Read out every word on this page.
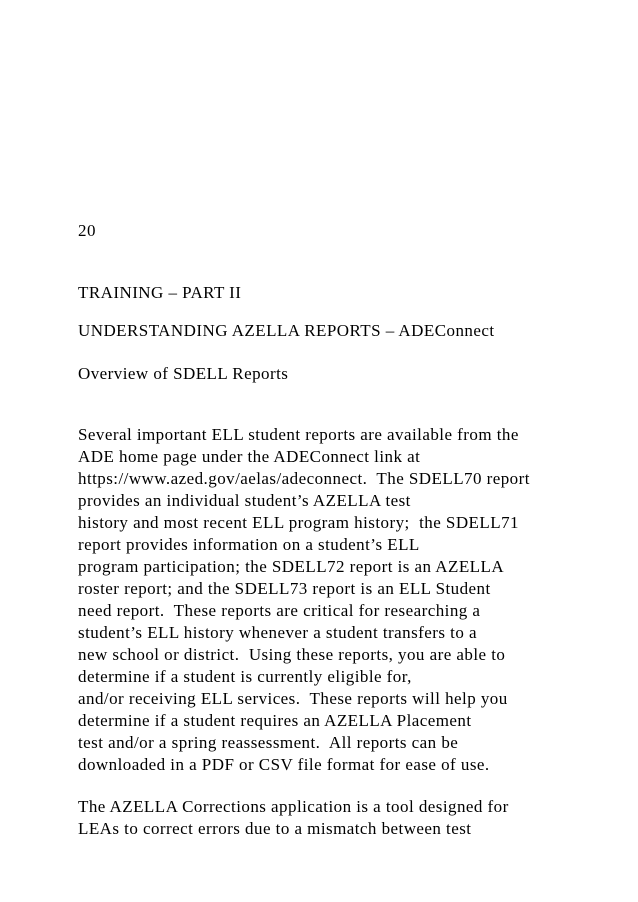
20
TRAINING – PART II
UNDERSTANDING AZELLA REPORTS – ADEConnect
Overview of SDELL Reports
Several important ELL student reports are available from the
ADE home page under the ADEConnect link at
https://www.azed.gov/aelas/adeconnect.  The SDELL70 report
provides an individual student’s AZELLA test
history and most recent ELL program history;  the SDELL71
report provides information on a student’s ELL
program participation; the SDELL72 report is an AZELLA
roster report; and the SDELL73 report is an ELL Student
need report.  These reports are critical for researching a
student’s ELL history whenever a student transfers to a
new school or district.  Using these reports, you are able to
determine if a student is currently eligible for,
and/or receiving ELL services.  These reports will help you
determine if a student requires an AZELLA Placement
test and/or a spring reassessment.  All reports can be
downloaded in a PDF or CSV file format for ease of use.
The AZELLA Corrections application is a tool designed for
LEAs to correct errors due to a mismatch between test
